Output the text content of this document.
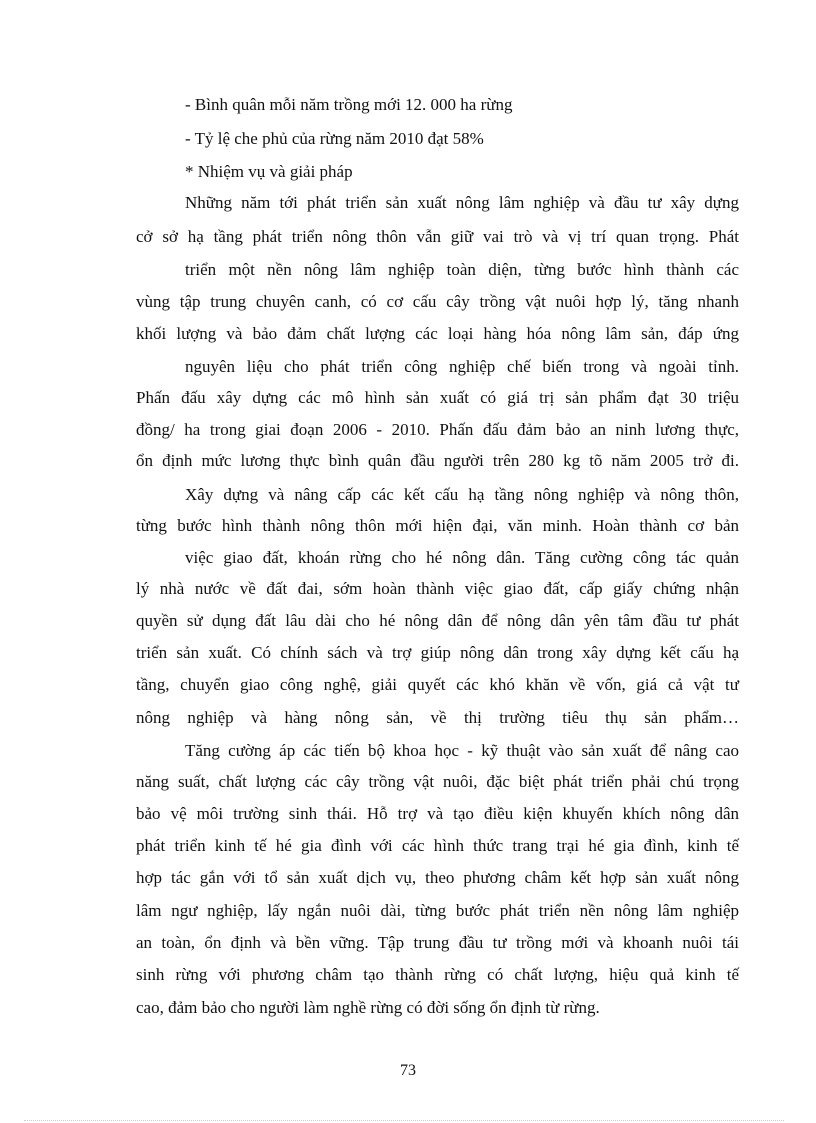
- Bình quân mỗi năm trồng mới 12. 000 ha rừng
- Tỷ lệ che phủ của rừng năm 2010 đạt 58%
* Nhiệm vụ và giải pháp
Những năm tới phát triển sản xuất nông lâm nghiệp và đầu tư xây dựng
cở sở hạ tầng phát triển nông thôn vẫn giữ vai trò và vị trí quan trọng. Phát
triển một nền nông lâm nghiệp toàn diện, từng bước hình thành các
vùng tập trung chuyên canh, có cơ cấu cây trồng vật nuôi hợp lý, tăng nhanh
khối lượng và bảo đảm chất lượng các loại hàng hóa nông lâm sản, đáp ứng
nguyên liệu cho phát triển công nghiệp chế biến trong và ngoài tỉnh.
Phấn đấu xây dựng các mô hình sản xuất có giá trị sản phẩm đạt 30 triệu
đồng/ ha trong giai đoạn 2006 - 2010. Phấn đấu đảm bảo an ninh lương thực,
ổn định mức lương thực bình quân đầu người trên 280 kg tõ năm 2005 trở đi.
Xây dựng và nâng cấp các kết cấu hạ tầng nông nghiệp và nông thôn,
từng bước hình thành nông thôn mới hiện đại, văn minh. Hoàn thành cơ bản
việc giao đất, khoán rừng cho hé nông dân. Tăng cường công tác quản
lý nhà nước về đất đai, sớm hoàn thành việc giao đất, cấp giấy chứng nhận
quyền sử dụng đất lâu dài cho hé nông dân để nông dân yên tâm đầu tư phát
triển sản xuất. Có chính sách và trợ giúp nông dân trong xây dựng kết cấu hạ
tầng, chuyển giao công nghệ, giải quyết các khó khăn về vốn, giá cả vật tư
nông nghiệp và hàng nông sản, về thị trường tiêu thụ sản phẩm…
Tăng cường áp các tiến bộ khoa học - kỹ thuật vào sản xuất để nâng cao
năng suất, chất lượng các cây trồng vật nuôi, đặc biệt phát triển phải chú trọng
bảo vệ môi trường sinh thái. Hỗ trợ và tạo điều kiện khuyến khích nông dân
phát triển kinh tế hé gia đình với các hình thức trang trại hé gia đình, kinh tế
hợp tác gắn với tổ sản xuất dịch vụ, theo phương châm kết hợp sản xuất nông
lâm ngư nghiệp, lấy ngắn nuôi dài, từng bước phát triển nền nông lâm nghiệp
an toàn, ổn định và bền vững. Tập trung đầu tư trồng mới và khoanh nuôi tái
sinh rừng với phương châm tạo thành rừng có chất lượng, hiệu quả kinh tế
cao, đảm bảo cho người làm nghề rừng có đời sống ổn định từ rừng.
73
